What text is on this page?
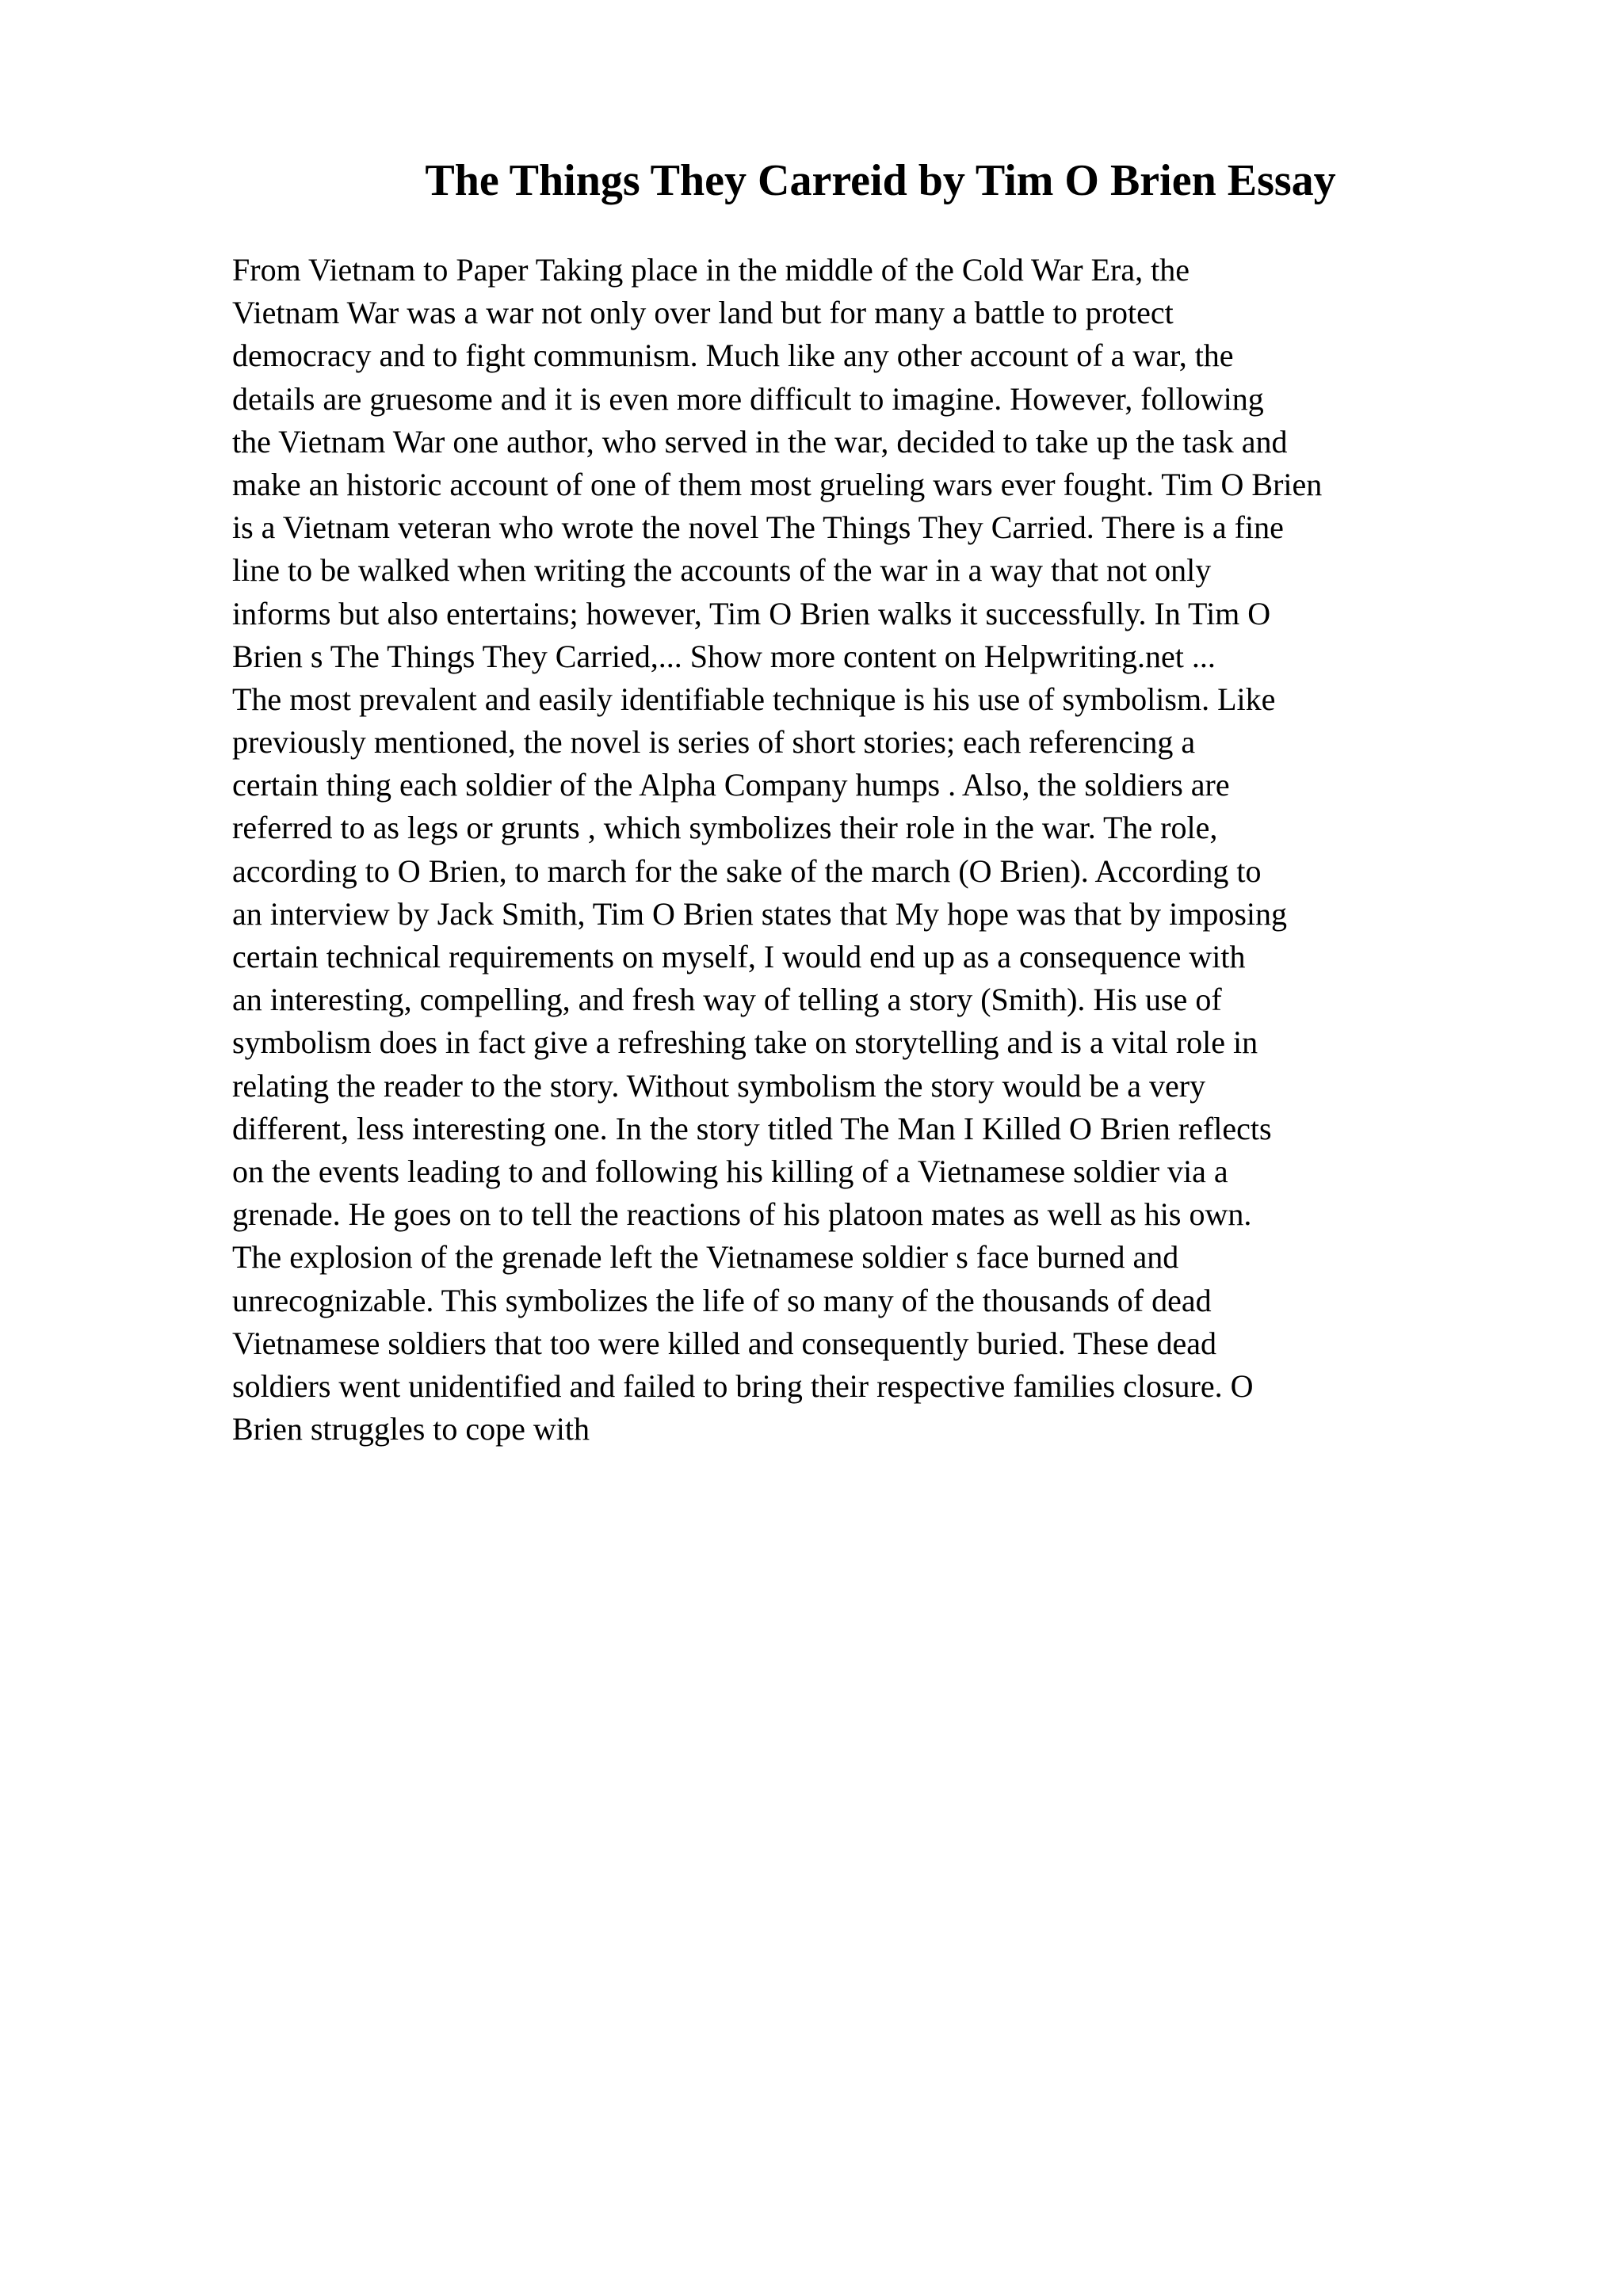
The Things They Carreid by Tim O Brien Essay
From Vietnam to Paper Taking place in the middle of the Cold War Era, the
Vietnam War was a war not only over land but for many a battle to protect
democracy and to fight communism. Much like any other account of a war, the
details are gruesome and it is even more difficult to imagine. However, following
the Vietnam War one author, who served in the war, decided to take up the task and
make an historic account of one of them most grueling wars ever fought. Tim O Brien
is a Vietnam veteran who wrote the novel The Things They Carried. There is a fine
line to be walked when writing the accounts of the war in a way that not only
informs but also entertains; however, Tim O Brien walks it successfully. In Tim O
Brien s The Things They Carried,... Show more content on Helpwriting.net ...
The most prevalent and easily identifiable technique is his use of symbolism. Like
previously mentioned, the novel is series of short stories; each referencing a
certain thing each soldier of the Alpha Company humps . Also, the soldiers are
referred to as legs or grunts , which symbolizes their role in the war. The role,
according to O Brien, to march for the sake of the march (O Brien). According to
an interview by Jack Smith, Tim O Brien states that My hope was that by imposing
certain technical requirements on myself, I would end up as a consequence with
an interesting, compelling, and fresh way of telling a story (Smith). His use of
symbolism does in fact give a refreshing take on storytelling and is a vital role in
relating the reader to the story. Without symbolism the story would be a very
different, less interesting one. In the story titled The Man I Killed O Brien reflects
on the events leading to and following his killing of a Vietnamese soldier via a
grenade. He goes on to tell the reactions of his platoon mates as well as his own.
The explosion of the grenade left the Vietnamese soldier s face burned and
unrecognizable. This symbolizes the life of so many of the thousands of dead
Vietnamese soldiers that too were killed and consequently buried. These dead
soldiers went unidentified and failed to bring their respective families closure. O
Brien struggles to cope with
